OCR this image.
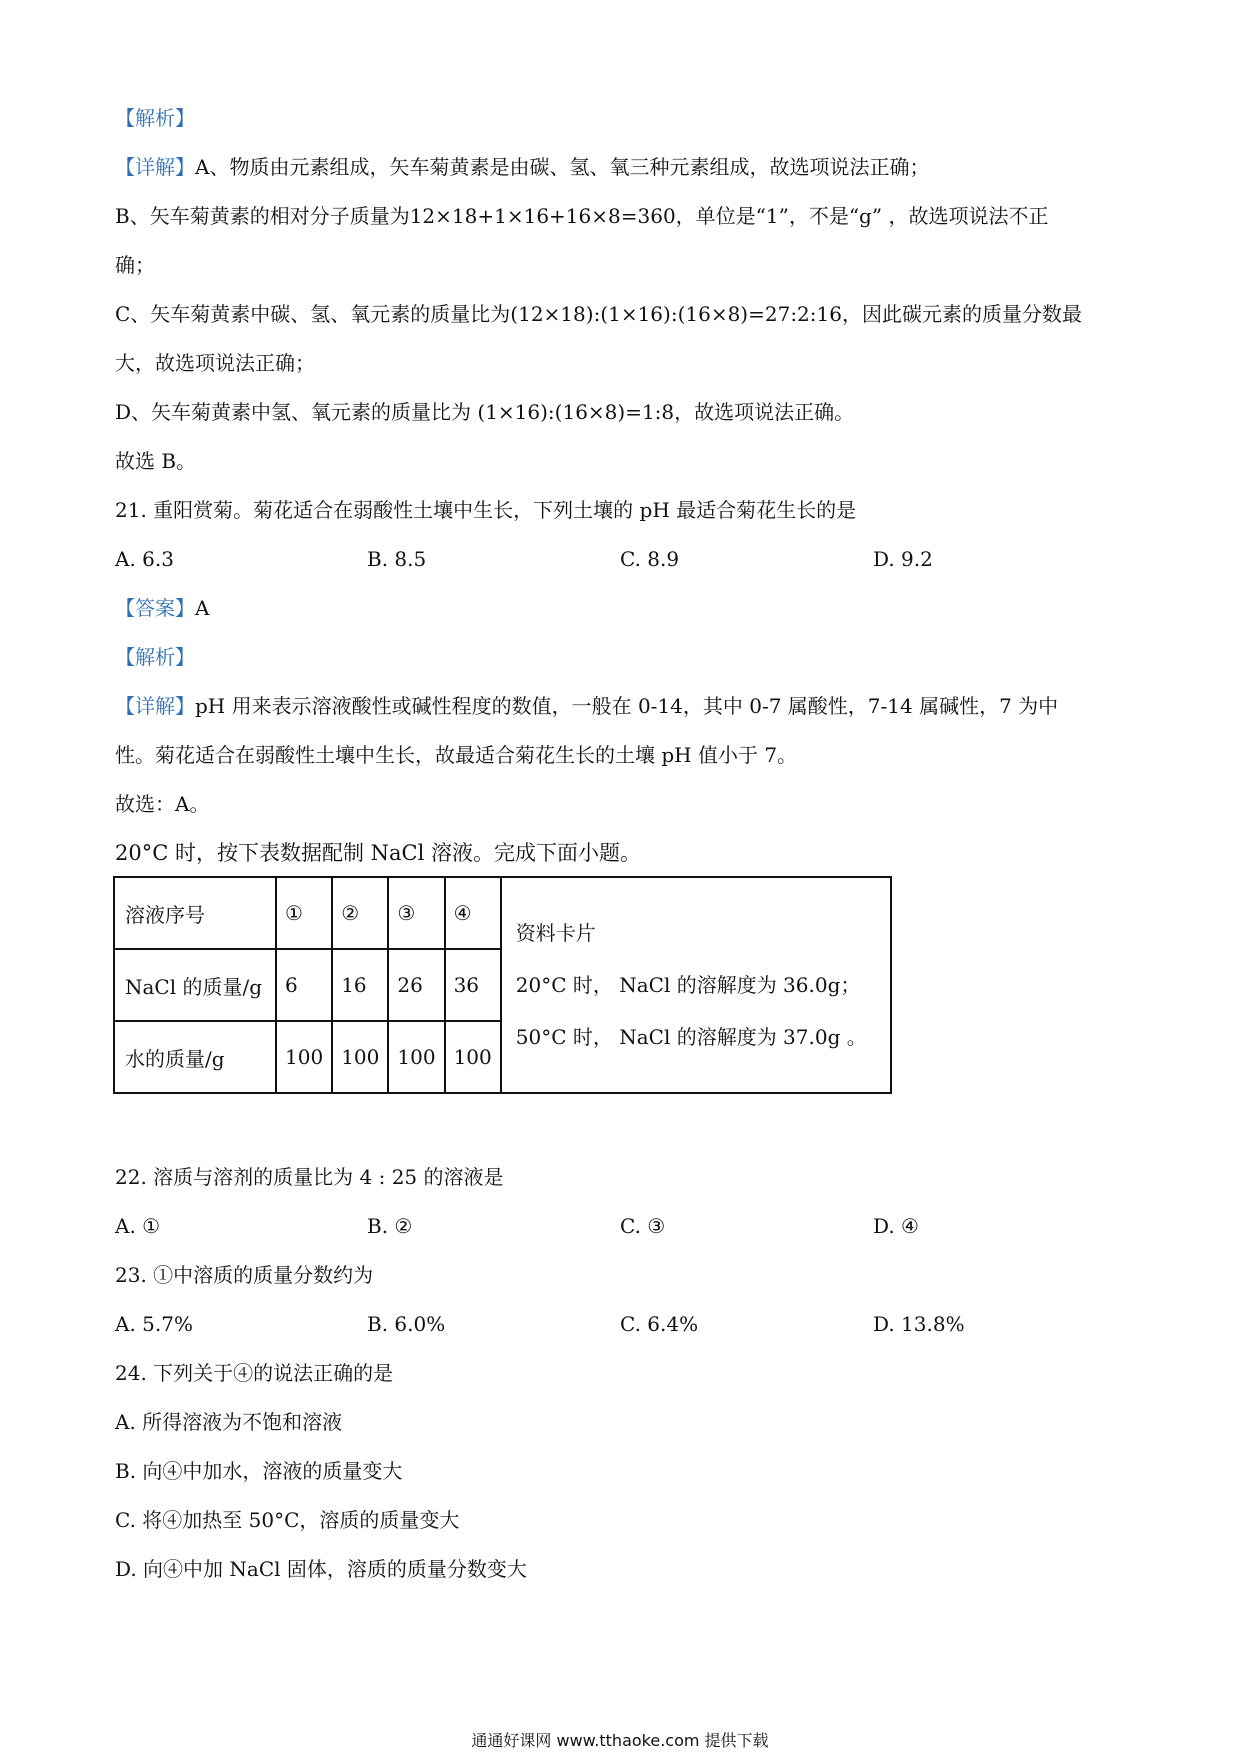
【解析】
【详解】A、物质由元素组成，矢车菊黄素是由碳、氢、氧三种元素组成，故选项说法正确；
B、矢车菊黄素的相对分子质量为12×18+1×16+16×8=360，单位是“1”，不是“g” ，故选项说法不正
确；
C、矢车菊黄素中碳、氢、氧元素的质量比为(12×18):(1×16):(16×8)=27:2:16，因此碳元素的质量分数最
大，故选项说法正确；
D、矢车菊黄素中氢、氧元素的质量比为 (1×16):(16×8)=1:8，故选项说法正确。
故选 B。
21. 重阳赏菊。菊花适合在弱酸性土壤中生长，下列土壤的 pH 最适合菊花生长的是
A. 6.3	B. 8.5	C. 8.9	D. 9.2
【答案】A
【解析】
【详解】pH 用来表示溶液酸性或碱性程度的数值，一般在 0-14，其中 0-7 属酸性，7-14 属碱性，7 为中
性。菊花适合在弱酸性土壤中生长，故最适合菊花生长的土壤 pH 值小于 7。
故选：A。
20°C 时，按下表数据配制 NaCl 溶液。完成下面小题。
溶液序号	①	②	③	④	资料卡片
20°C 时， NaCl 的溶解度为 36.0g；
50°C 时， NaCl 的溶解度为 37.0g 。

NaCl 的质量/g	6	16	26	36	
水的质量/g	100	100	100	100	
22. 溶质与溶剂的质量比为 4 : 25 的溶液是
A. ①	B. ②	C. ③	D. ④
23. ①中溶质的质量分数约为
A. 5.7%	B. 6.0%	C. 6.4%	D. 13.8%
24. 下列关于④的说法正确的是
A. 所得溶液为不饱和溶液
B. 向④中加水，溶液的质量变大
C. 将④加热至 50°C，溶质的质量变大
D. 向④中加 NaCl 固体，溶质的质量分数变大
通通好课网 www.tthaoke.com 提供下载
